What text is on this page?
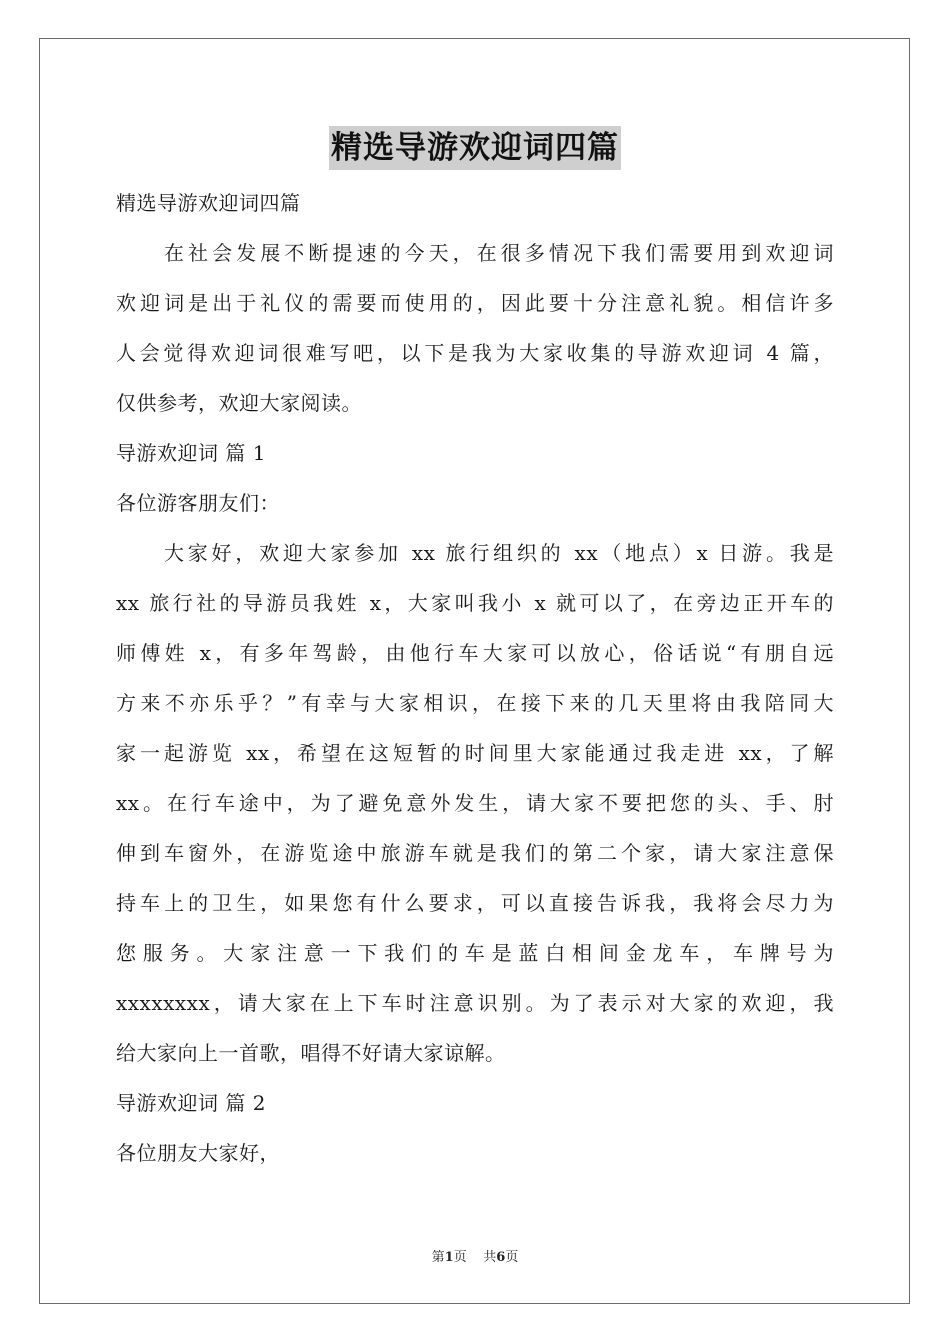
精选导游欢迎词四篇
精选导游欢迎词四篇
在社会发展不断提速的今天，在很多情况下我们需要用到欢迎词
欢迎词是出于礼仪的需要而使用的，因此要十分注意礼貌。相信许多
人会觉得欢迎词很难写吧，以下是我为大家收集的导游欢迎词 4 篇，
仅供参考，欢迎大家阅读。
导游欢迎词 篇 1
各位游客朋友们：
大家好，欢迎大家参加 xx 旅行组织的 xx（地点）x 日游。我是
xx 旅行社的导游员我姓 x，大家叫我小 x 就可以了，在旁边正开车的
师傅姓 x，有多年驾龄，由他行车大家可以放心，俗话说“有朋自远
方来不亦乐乎？”有幸与大家相识，在接下来的几天里将由我陪同大
家一起游览 xx，希望在这短暂的时间里大家能通过我走进 xx，了解
xx。在行车途中，为了避免意外发生，请大家不要把您的头、手、肘
伸到车窗外，在游览途中旅游车就是我们的第二个家，请大家注意保
持车上的卫生，如果您有什么要求，可以直接告诉我，我将会尽力为
您服务。大家注意一下我们的车是蓝白相间金龙车，车牌号为
xxxxxxxx，请大家在上下车时注意识别。为了表示对大家的欢迎，我
给大家向上一首歌，唱得不好请大家谅解。
导游欢迎词 篇 2
各位朋友大家好，
第1页 共6页
